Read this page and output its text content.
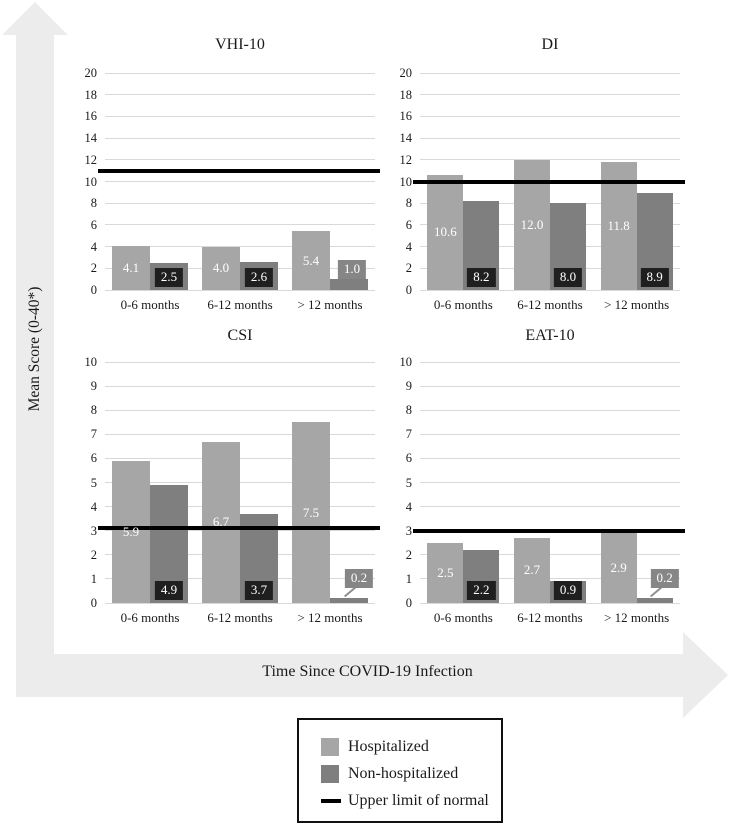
Mean Score (0-40*)
Time Since COVID-19 Infection
VHI-10
0
2
4
6
8
10
12
14
16
18
20
0-6 months
4.1
2.5
6-12 months
4.0
2.6
> 12 months
5.4
1.0
DI
0
2
4
6
8
10
12
14
16
18
20
0-6 months
10.6
8.2
6-12 months
12.0
8.0
> 12 months
11.8
8.9
CSI
0
1
2
3
4
5
6
7
8
9
10
0-6 months
5.9
4.9
6-12 months
6.7
3.7
> 12 months
7.5
0.2
EAT-10
0
1
2
3
4
5
6
7
8
9
10
0-6 months
2.5
2.2
6-12 months
2.7
0.9
> 12 months
2.9
0.2
Hospitalized
Non-hospitalized
Upper limit of normal
